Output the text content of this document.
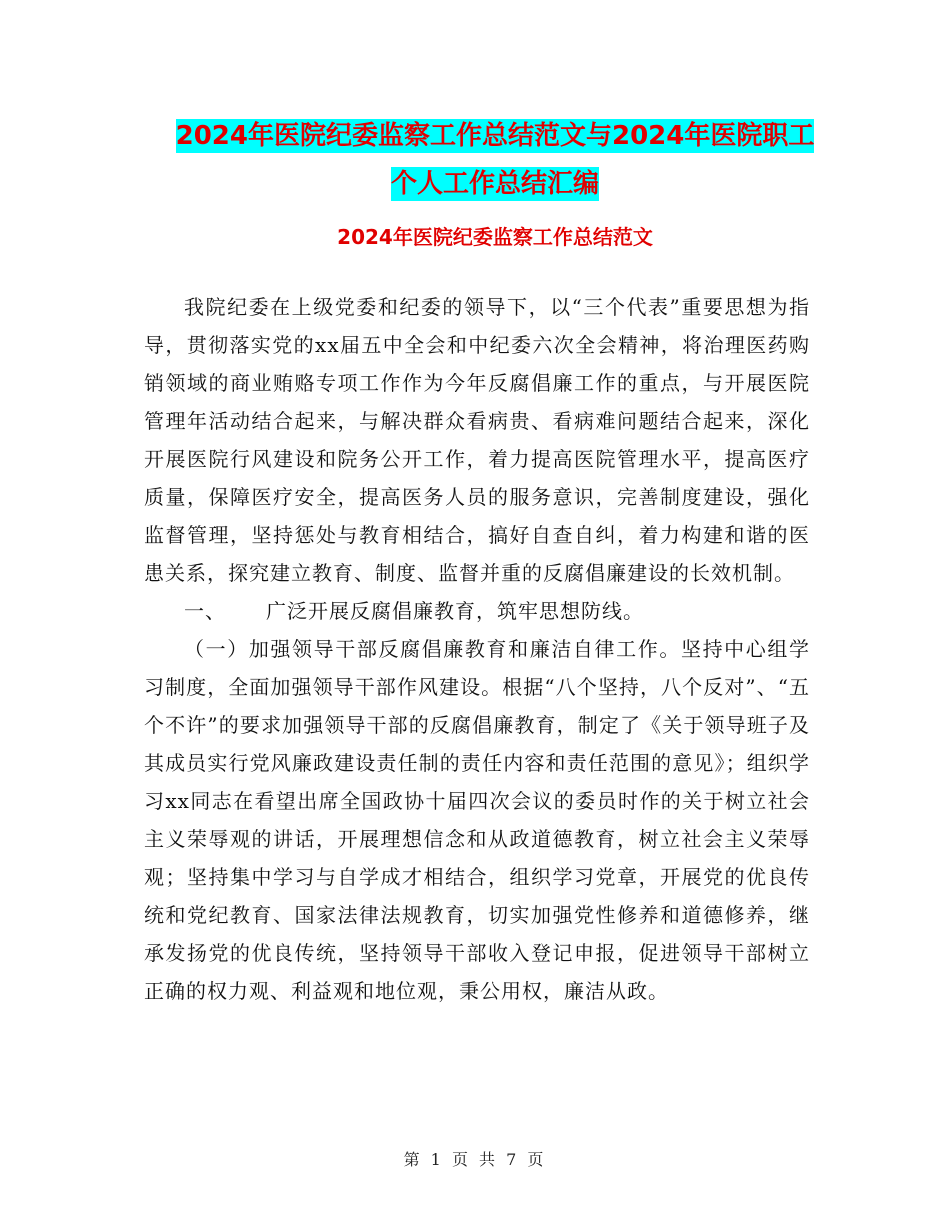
2024年医院纪委监察工作总结范文与2024年医院职工
个人工作总结汇编
2024年医院纪委监察工作总结范文

我院纪委在上级党委和纪委的领导下，以“三个代表”重要思想为指导，贯彻落实党的xx届五中全会和中纪委六次全会精神，将治理医药购销领域的商业贿赂专项工作作为今年反腐倡廉工作的重点，与开展医院管理年活动结合起来，与解决群众看病贵、看病难问题结合起来，深化开展医院行风建设和院务公开工作，着力提高医院管理水平，提高医疗质量，保障医疗安全，提高医务人员的服务意识，完善制度建设，强化监督管理，坚持惩处与教育相结合，搞好自查自纠，着力构建和谐的医患关系，探究建立教育、制度、监督并重的反腐倡廉建设的长效机制。

一、 广泛开展反腐倡廉教育，筑牢思想防线。

（一）加强领导干部反腐倡廉教育和廉洁自律工作。坚持中心组学习制度，全面加强领导干部作风建设。根据“八个坚持，八个反对”、“五个不许”的要求加强领导干部的反腐倡廉教育，制定了《关于领导班子及其成员实行党风廉政建设责任制的责任内容和责任范围的意见》；组织学习xx同志在看望出席全国政协十届四次会议的委员时作的关于树立社会主义荣辱观的讲话，开展理想信念和从政道德教育，树立社会主义荣辱观；坚持集中学习与自学成才相结合，组织学习党章，开展党的优良传统和党纪教育、国家法律法规教育，切实加强党性修养和道德修养，继承发扬党的优良传统，坚持领导干部收入登记申报，促进领导干部树立正确的权力观、利益观和地位观，秉公用权，廉洁从政。

第 1 页 共 7 页
